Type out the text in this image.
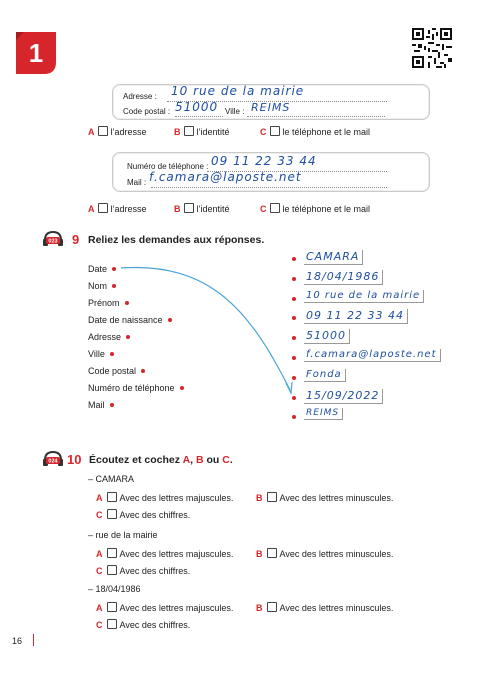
1
Adresse : 10 rue de la mairie
Code postal : 51000 Ville : REIMS
A l’adresse	B l’identité	C le téléphone et le mail
Numéro de téléphone : 09 11 22 33 44
Mail : f.camara@laposte.net
A l’adresse	B l’identité	C le téléphone et le mail
023 9 Reliez les demandes aux réponses.
Date
Nom
Prénom
Date de naissance
Adresse
Ville
Code postal
Numéro de téléphone
Mail
CAMARA
18/04/1986
10 rue de la mairie
09 11 22 33 44
51000
f.camara@laposte.net
Fonda
15/09/2022
REIMS
024 10 Écoutez et cochez A, B ou C.
– CAMARA
A Avec des lettres majuscules.	B Avec des lettres minuscules.
C Avec des chiffres.
– rue de la mairie
A Avec des lettres majuscules.	B Avec des lettres minuscules.
C Avec des chiffres.
– 18/04/1986
A Avec des lettres majuscules.	B Avec des lettres minuscules.
C Avec des chiffres.
16
